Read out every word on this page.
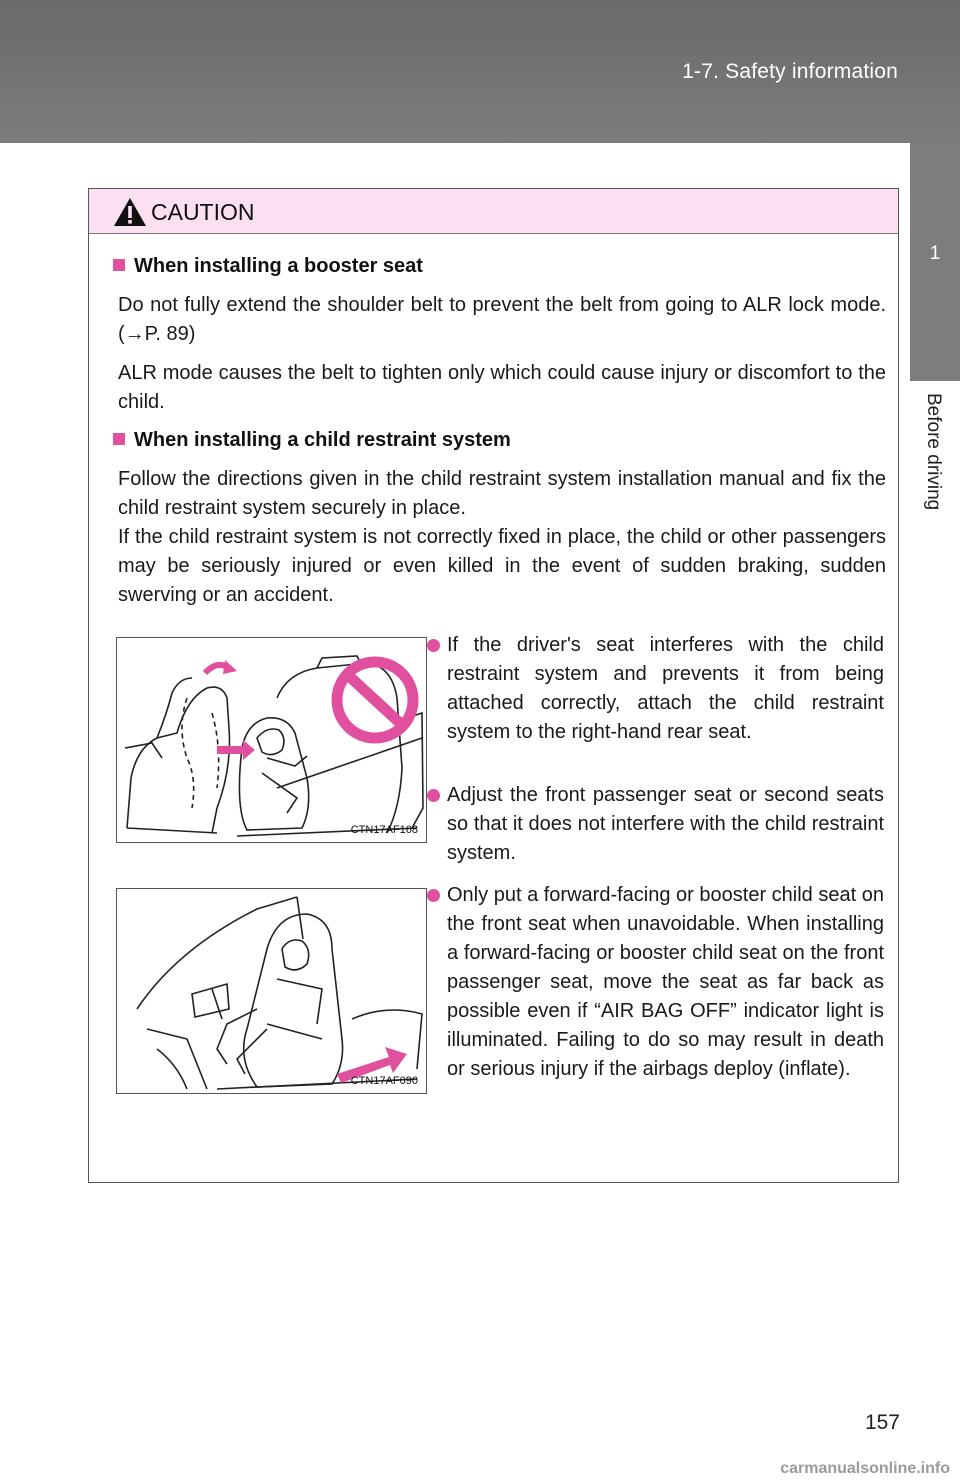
1-7. Safety information
1
Before driving
CAUTION
When installing a booster seat
Do not fully extend the shoulder belt to prevent the belt from going to ALR lock mode. (→P. 89)
ALR mode causes the belt to tighten only which could cause injury or discomfort to the child.
When installing a child restraint system
Follow the directions given in the child restraint system installation manual and fix the child restraint system securely in place.
If the child restraint system is not correctly fixed in place, the child or other passengers may be seriously injured or even killed in the event of sudden braking, sudden swerving or an accident.
CTN17AF168
CTN17AF090
If the driver's seat interferes with the child restraint system and prevents it from being attached correctly, attach the child restraint system to the right-hand rear seat.
Adjust the front passenger seat or second seats so that it does not interfere with the child restraint system.
Only put a forward-facing or booster child seat on the front seat when unavoidable. When installing a forward-facing or booster child seat on the front passenger seat, move the seat as far back as possible even if “AIR BAG OFF” indicator light is illuminated. Failing to do so may result in death or serious injury if the airbags deploy (inflate).
157
carmanualsonline.info
